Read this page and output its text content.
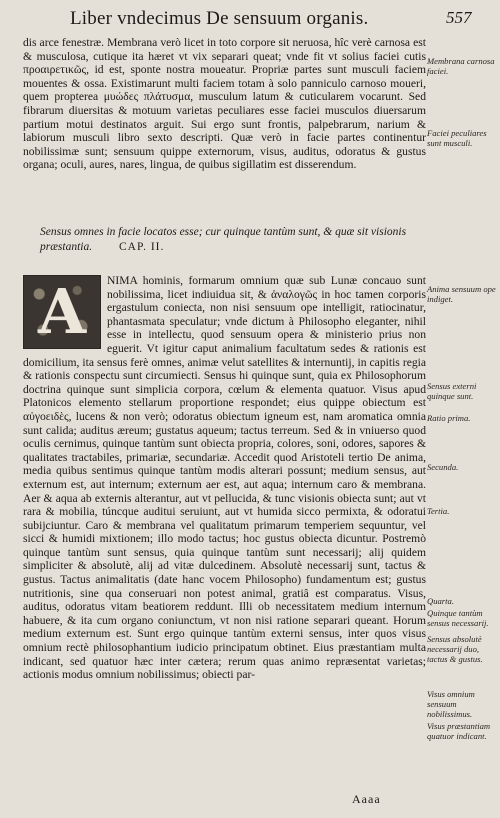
Liber vndecimus De sensuum organis.	557

dis arce fenestræ. Membrana verò licet in toto corpore sit neruosa, hîc verè carnosa est & musculosa, cutique ita hæret vt vix separari queat; vnde fit vt solius faciei cutis προαιρετικῶς, id est, sponte nostra moueatur. Propriæ partes sunt musculi faciem mouentes & ossa. Existimarunt multi faciem totam à solo panniculo carnoso moueri, quem propterea μυώδες πλάτυσμα, musculum latum & cuticularem vocarunt. Sed fibrarum diuersitas & motuum varietas peculiares esse faciei musculos diuersarum partium motui destinatos arguit. Sui ergo sunt frontis, palpebrarum, narium & labiorum musculi libro sexto descripti. Quæ verò in facie partes continentur nobilissimæ sunt; sensuum quippe externorum, visus, auditus, odoratus & gustus organa; oculi, aures, nares, lingua, de quibus sigillatim est disserendum.

Sensus omnes in facie locatos esse; cur quinque tantùm sunt, & quæ sit visionis præstantia. CAP. II.
A	NIMA hominis, formarum omnium quæ sub Lunæ concauo sunt nobilissima, licet indiuidua sit, & ἀναλογῶς in hoc tamen corporis ergastulum coniecta, non nisi sensuum ope intelligit, ratiocinatur, phantasmata speculatur; vnde dictum à Philosopho eleganter, nihil esse in intellectu, quod sensuum opera & ministerio prius non eguerit. Vt igitur caput animalium facultatum sedes & rationis est domicilium, ita sensus ferè omnes, animæ velut satellites & internuntij, in capitis regia & rationis conspectu sunt circumiecti. Sensus hi quinque sunt, quia ex Philosophorum doctrina quinque sunt simplicia corpora, cœlum & elementa quatuor. Visus apud Platonicos elemento stellarum proportione respondet; eius quippe obiectum est αὐγοειδὲς, lucens & non verò; odoratus obiectum igneum est, nam aromatica omnia sunt calida; auditus æreum; gustatus aqueum; tactus terreum. Sed & in vniuerso quod oculis cernimus, quinque tantùm sunt obiecta propria, colores, soni, odores, sapores & qualitates tractabiles, primariæ, secundariæ. Accedit quod Aristoteli tertio De anima, media quibus sentimus quinque tantùm modis alterari possunt; medium sensus, aut externum est, aut internum; externum aer est, aut aqua; internum caro & membrana. Aer & aqua ab externis alterantur, aut vt pellucida, & tunc visionis obiecta sunt; aut vt rara & mobilia, túncque auditui seruiunt, aut vt humida sicco permixta, & odoratui subijciuntur. Caro & membrana vel qualitatum primarum temperiem sequuntur, vel sicci & humidi mixtionem; illo modo tactus; hoc gustus obiecta dicuntur. Postremò quinque tantùm sunt sensus, quia quinque tantùm sunt necessarij; alij quidem simpliciter & absolutè, alij ad vitæ dulcedinem. Absolutè necessarij sunt, tactus & gustus. Tactus animalitatis (date hanc vocem Philosopho) fundamentum est; gustus nutritionis, sine qua conseruari non potest animal, gratiâ est comparatus. Visus, auditus, odoratus vitam beatiorem reddunt. Illi ob necessitatem medium internum habuere, & ita cum organo coniunctum, vt non nisi ratione separari queant. Horum medium externum est. Sunt ergo quinque tantùm externi sensus, inter quos visus omnium rectè philosophantium iudicio principatum obtinet. Eius præstantiam multa indicant, sed quatuor hæc inter cætera; rerum quas animo repræsentat varietas; actionis modus omnium nobilissimus; obiecti par-

Membrana carnosa faciei.
Faciei peculiares sunt musculi.
Anima sensuum ope indiget.
Sensus externi quinque sunt.
Ratio prima.
Secunda.
Tertia.
Quarta.
Quinque tantùm sensus necessarij.
Sensus absolutè necessarij duo, tactus & gustus.
Visus omnium sensuum nobilissimus.
Visus præstantiam quatuor indicant.
Aaaa
